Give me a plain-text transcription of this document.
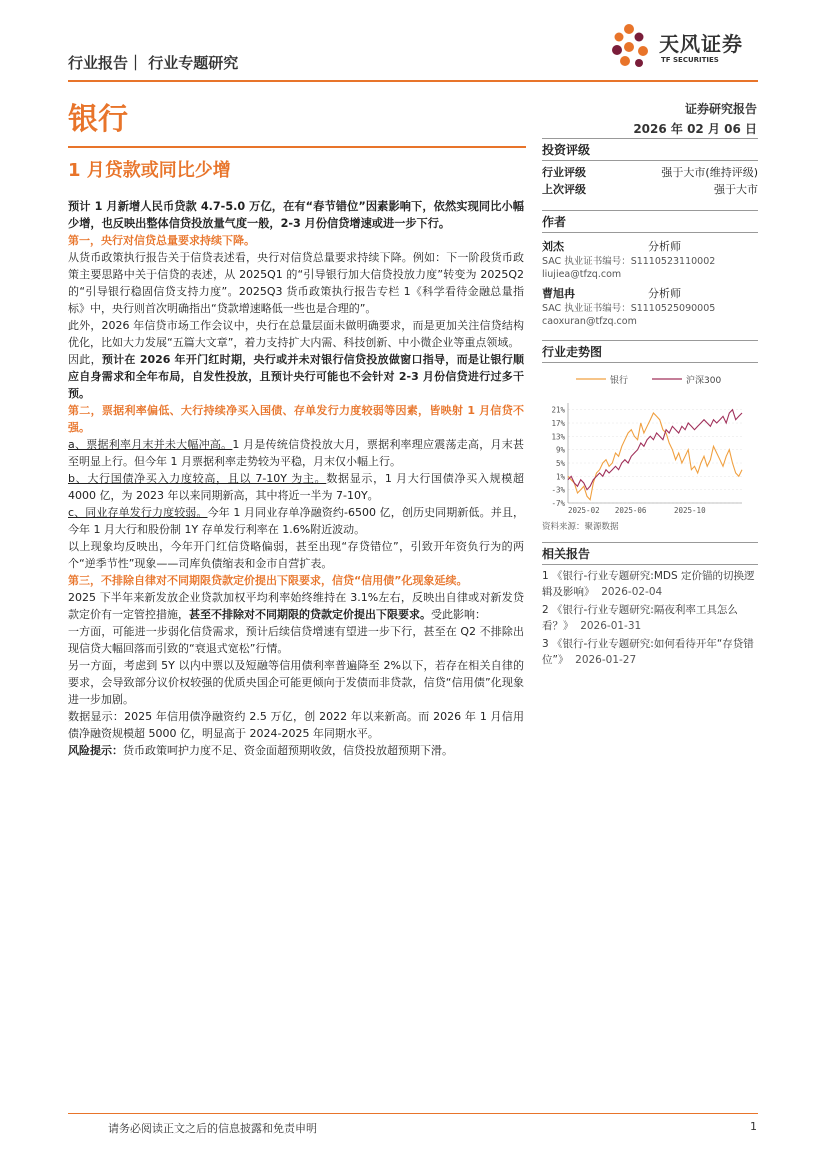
天风证券
TF SECURITIES
行业报告｜ 行业专题研究
银行	证券研究报告
2026 年 02 月 06 日
1 月贷款或同比少增

预计 1 月新增人民币贷款 4.7-5.0 万亿，在有“春节错位”因素影响下，依然实现同比小幅少增，也反映出整体信贷投放量气度一般，2-3 月份信贷增速或进一步下行。

第一，央行对信贷总量要求持续下降。

从货币政策执行报告关于信贷表述看，央行对信贷总量要求持续下降。例如：下一阶段货币政策主要思路中关于信贷的表述，从 2025Q1 的“引导银行加大信贷投放力度”转变为 2025Q2 的“引导银行稳固信贷支持力度”。2025Q3 货币政策执行报告专栏 1《科学看待金融总量指标》中，央行则首次明确指出“贷款增速略低一些也是合理的”。

此外，2026 年信贷市场工作会议中，央行在总量层面未做明确要求，而是更加关注信贷结构优化，比如大力发展“五篇大文章”，着力支持扩大内需、科技创新、中小微企业等重点领域。

因此，预计在 2026 年开门红时期，央行或并未对银行信贷投放做窗口指导，而是让银行顺应自身需求和全年布局，自发性投放，且预计央行可能也不会针对 2-3 月份信贷进行过多干预。

第二，票据利率偏低、大行持续净买入国债、存单发行力度较弱等因素，皆映射 1 月信贷不强。

a、票据利率月末并未大幅冲高。1 月是传统信贷投放大月，票据利率理应震荡走高，月末甚至明显上行。但今年 1 月票据利率走势较为平稳，月末仅小幅上行。

b、大行国债净买入力度较高，且以 7-10Y 为主。数据显示，1 月大行国债净买入规模超 4000 亿，为 2023 年以来同期新高，其中将近一半为 7-10Y。

c、同业存单发行力度较弱。今年 1 月同业存单净融资约-6500 亿，创历史同期新低。并且，今年 1 月大行和股份制 1Y 存单发行利率在 1.6%附近波动。

以上现象均反映出，今年开门红信贷略偏弱，甚至出现“存贷错位”，引致开年资负行为的两个“逆季节性”现象——司库负债缩表和金市自营扩表。

第三，不排除自律对不同期限贷款定价提出下限要求，信贷“信用债”化现象延续。

2025 下半年来新发放企业贷款加权平均利率始终维持在 3.1%左右，反映出自律或对新发贷款定价有一定管控措施，甚至不排除对不同期限的贷款定价提出下限要求。受此影响：

一方面，可能进一步弱化信贷需求，预计后续信贷增速有望进一步下行，甚至在 Q2 不排除出现信贷大幅回落而引致的“衰退式宽松”行情。

另一方面，考虑到 5Y 以内中票以及短融等信用债利率普遍降至 2%以下，若存在相关自律的要求，会导致部分议价权较强的优质央国企可能更倾向于发债而非贷款，信贷“信用债”化现象进一步加剧。

数据显示：2025 年信用债净融资约 2.5 万亿，创 2022 年以来新高。而 2026 年 1 月信用债净融资规模超 5000 亿，明显高于 2024-2025 年同期水平。

风险提示：货币政策呵护力度不足、资金面超预期收敛，信贷投放超预期下滑。

投资评级
行业评级	强于大市(维持评级)
上次评级	强于大市
作者
刘杰	分析师
SAC 执业证书编号：S1110523110002
liujiea@tfzq.com
曹旭冉	分析师
SAC 执业证书编号：S1110525090005
caoxuran@tfzq.com
行业走势图
银行	沪深300
21%
17%
13%
9%
5%
1%
-3%
-7%
2025-02 2025-06	2025-10
资料来源：聚源数据
相关报告
1 《银行-行业专题研究:MDS 定价锚的切换逻辑及影响》 2026-02-04
2 《银行-行业专题研究:隔夜利率工具怎么看？》 2026-01-31
3 《银行-行业专题研究:如何看待开年“存贷错位”》 2026-01-27
请务必阅读正文之后的信息披露和免责申明	1
